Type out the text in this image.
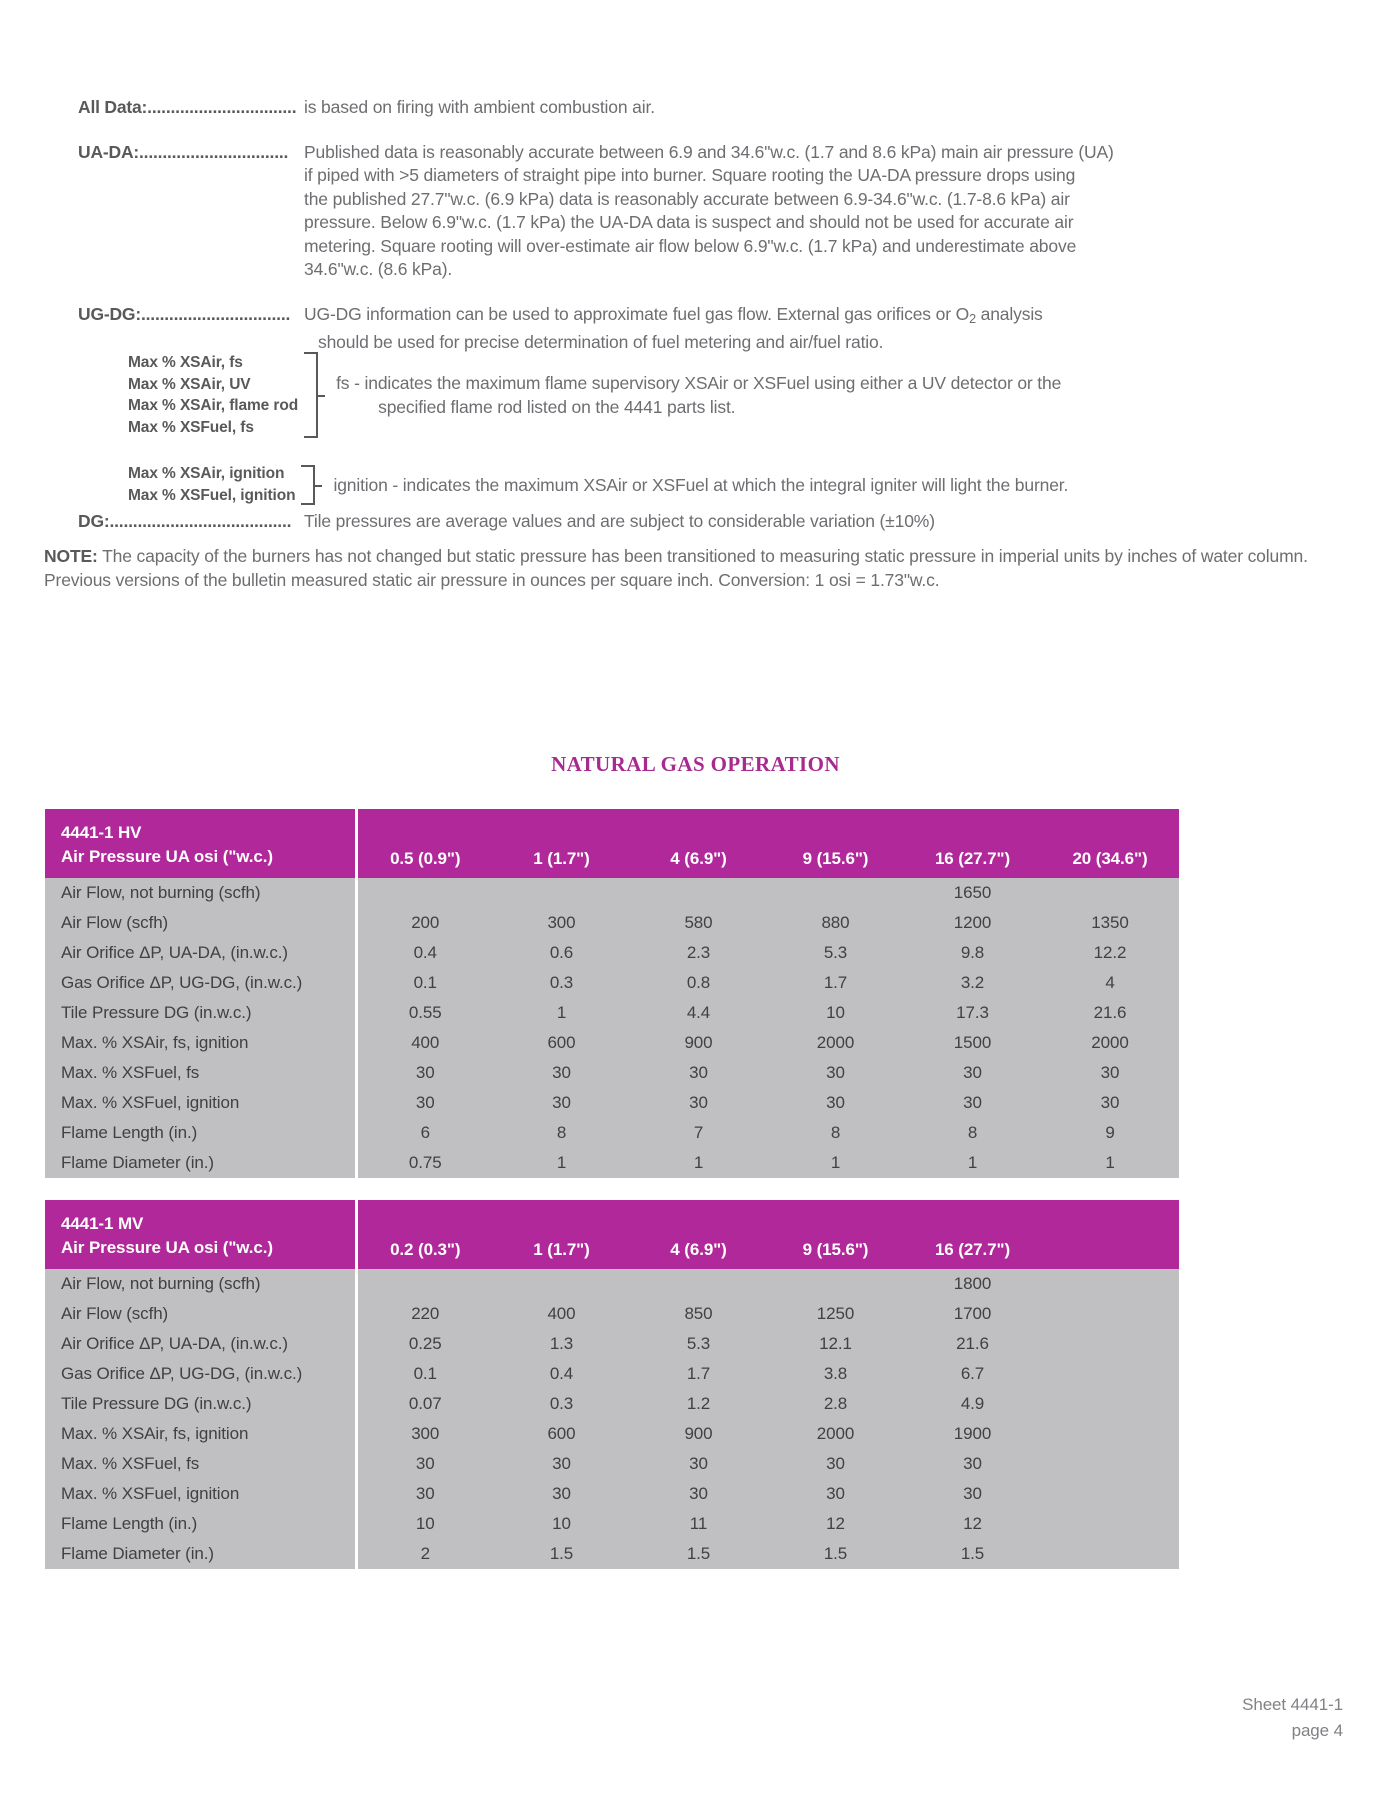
All Data:................................ is based on firing with ambient combustion air.

UA-DA:................................ Published data is reasonably accurate between 6.9 and 34.6"w.c. (1.7 and 8.6 kPa) main air pressure (UA)

if piped with >5 diameters of straight pipe into burner. Square rooting the UA-DA pressure drops using

the published 27.7"w.c. (6.9 kPa) data is reasonably accurate between 6.9-34.6"w.c. (1.7-8.6 kPa) air

pressure. Below 6.9"w.c. (1.7 kPa) the UA-DA data is suspect and should not be used for accurate air

metering. Square rooting will over-estimate air flow below 6.9"w.c. (1.7 kPa) and underestimate above

34.6"w.c. (8.6 kPa).

UG-DG:................................ UG-DG information can be used to approximate fuel gas flow. External gas orifices or $O_2$ analysis

should be used for precise determination of fuel metering and air/fuel ratio.

Max % XSAir, fs
Max % XSAir, UV
Max % XSAir, flame rod
Max % XSFuel, fs
fs - indicates the maximum flame supervisory XSAir or XSFuel using either a UV detector or the
specified flame rod listed on the 4441 parts list.
Max % XSAir, ignition
Max % XSFuel, ignition
ignition - indicates the maximum XSAir or XSFuel at which the integral igniter will light the burner.
DG:....................................... Tile pressures are average values and are subject to considerable variation (±10%)

NOTE: The capacity of the burners has not changed but static pressure has been transitioned to measuring static pressure in imperial units by inches of water column. Previous versions of the bulletin measured static air pressure in ounces per square inch. Conversion: 1 osi = 1.73"w.c.
NATURAL GAS OPERATION
4441-1 HV
Air Pressure UA osi ("w.c.)	0.5 (0.9")	1 (1.7")	4 (6.9")	9 (15.6")	16 (27.7")	20 (34.6")
Air Flow, not burning (scfh)					1650	
Air Flow (scfh)	200	300	580	880	1200	1350
Air Orifice ΔP, UA-DA, (in.w.c.)	0.4	0.6	2.3	5.3	9.8	12.2
Gas Orifice ΔP, UG-DG, (in.w.c.)	0.1	0.3	0.8	1.7	3.2	4
Tile Pressure DG (in.w.c.)	0.55	1	4.4	10	17.3	21.6
Max. % XSAir, fs, ignition	400	600	900	2000	1500	2000
Max. % XSFuel, fs	30	30	30	30	30	30
Max. % XSFuel, ignition	30	30	30	30	30	30
Flame Length (in.)	6	8	7	8	8	9
Flame Diameter (in.)	0.75	1	1	1	1	1
4441-1 MV
Air Pressure UA osi ("w.c.)	0.2 (0.3")	1 (1.7")	4 (6.9")	9 (15.6")	16 (27.7")	
Air Flow, not burning (scfh)					1800	
Air Flow (scfh)	220	400	850	1250	1700	
Air Orifice ΔP, UA-DA, (in.w.c.)	0.25	1.3	5.3	12.1	21.6	
Gas Orifice ΔP, UG-DG, (in.w.c.)	0.1	0.4	1.7	3.8	6.7	
Tile Pressure DG (in.w.c.)	0.07	0.3	1.2	2.8	4.9	
Max. % XSAir, fs, ignition	300	600	900	2000	1900	
Max. % XSFuel, fs	30	30	30	30	30	
Max. % XSFuel, ignition	30	30	30	30	30	
Flame Length (in.)	10	10	11	12	12	
Flame Diameter (in.)	2	1.5	1.5	1.5	1.5	
Sheet 4441-1
page 4
